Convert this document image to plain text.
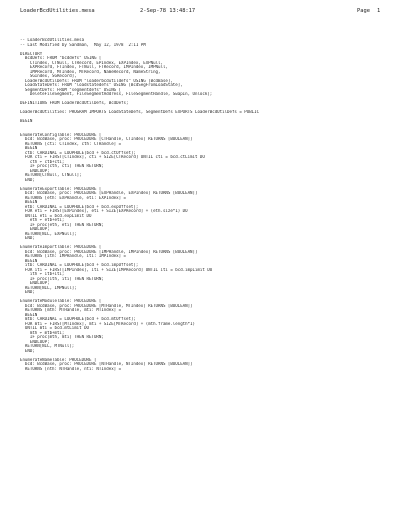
LoaderBcdUtilities.mesa	2-Sep-78 13:48:17	Page 1
-- LoaderBcdUtilities.mesa
-- Last Modified by Sandman,  May 12, 1978  2:11 PM
DIRECTORY
BcdDefs: FROM "bcddefs" USING [
CTIndex, CTNull, CTRecord, EPIndex, EXPIndex, EXPNull,
EXPRecord, FTIndex, FTNull, FTRecord, IMPIndex, IMPNull,
IMPRecord, MTIndex, MTRecord, NameRecord, NameString,
SGIndex, SGRecord],
LoaderBcdUtilDefs: FROM "loaderbcdutildefs" USING [BcdBase],
LoadStateDefs: FROM "loadstatedefs" USING [BcdSegFromLoadState],
SegmentDefs: FROM "segmentdefs" USING [
DeleteFileSegment, FileSegmentAddress, FileSegmentHandle, SwapIn, Unlock];
DEFINITIONS FROM LoaderBcdUtilDefs, BcdDefs;
LoaderBcdUtilities: PROGRAM IMPORTS LoadStateDefs, SegmentDefs EXPORTS LoaderBcdUtilDefs = PUBLIC
BEGIN
EnumerateConfigTable: PROCEDURE [
bcd: BcdBase, proc: PROCEDURE [CTHandle, CTIndex] RETURNS [BOOLEAN]]
RETURNS [cti: CTIndex, cth: CTHandle] =
BEGIN
ctb: CARDINAL = LOOPHOLE[bcd + bcd.ctOffset];
FOR cti ← FIRST[CTIndex], cti + SIZE[CTRecord] UNTIL cti = bcd.ctLimit DO
cth ← ctb+cti;
IF proc[cth, cti] THEN RETURN;
ENDLOOP;
RETURN[CTNull, CTNull];
END;
EnumerateExportTable: PROCEDURE [
bcd: BcdBase, proc: PROCEDURE [EXPHandle, EXPIndex] RETURNS [BOOLEAN]]
RETURNS [eth: EXPHandle, eti: EXPIndex] =
BEGIN
etb: CARDINAL = LOOPHOLE[bcd + bcd.expOffset];
FOR eti ← FIRST[EXPIndex], eti + SIZE[EXPRecord] + (eth.size*1) DO
UNTIL eti = bcd.expLimit DO
eth ← etb+eti;
IF proc[eth, eti] THEN RETURN;
ENDLOOP;
RETURN[NIL, EXPNull];
END;
EnumerateImportTable: PROCEDURE [
bcd: BcdBase, proc: PROCEDURE [IMPHandle, IMPIndex] RETURNS [BOOLEAN]]
RETURNS [ith: IMPHandle, iti: IMPIndex] =
BEGIN
itb: CARDINAL = LOOPHOLE[bcd + bcd.impOffset];
FOR iti ← FIRST[IMPIndex], iti + SIZE[IMPRecord] UNTIL iti = bcd.impLimit DO
ith ← itb+iti;
IF proc[ith, iti] THEN RETURN;
ENDLOOP;
RETURN[NIL, IMPNull];
END;
EnumerateModuleTable: PROCEDURE [
bcd: BcdBase, proc: PROCEDURE [MTHandle, MTIndex] RETURNS [BOOLEAN]]
RETURNS [mth: MTHandle, mti: MTIndex] =
BEGIN
mtb: CARDINAL = LOOPHOLE[bcd + bcd.mtOffset];
FOR mti ← FIRST[MTIndex], mti + SIZE[MTRecord] + (mth.frame.length*1)
UNTIL mti = bcd.mtLimit DO
mth ← mtb+mti;
IF proc[mth, mti] THEN RETURN;
ENDLOOP;
RETURN[NIL, MTNull];
END;
EnumerateNameTable: PROCEDURE [
bcd: BcdBase, proc: PROCEDURE [NTHandle, NTIndex] RETURNS [BOOLEAN]]
RETURNS [nth: NTHandle, nti: NTIndex] =
